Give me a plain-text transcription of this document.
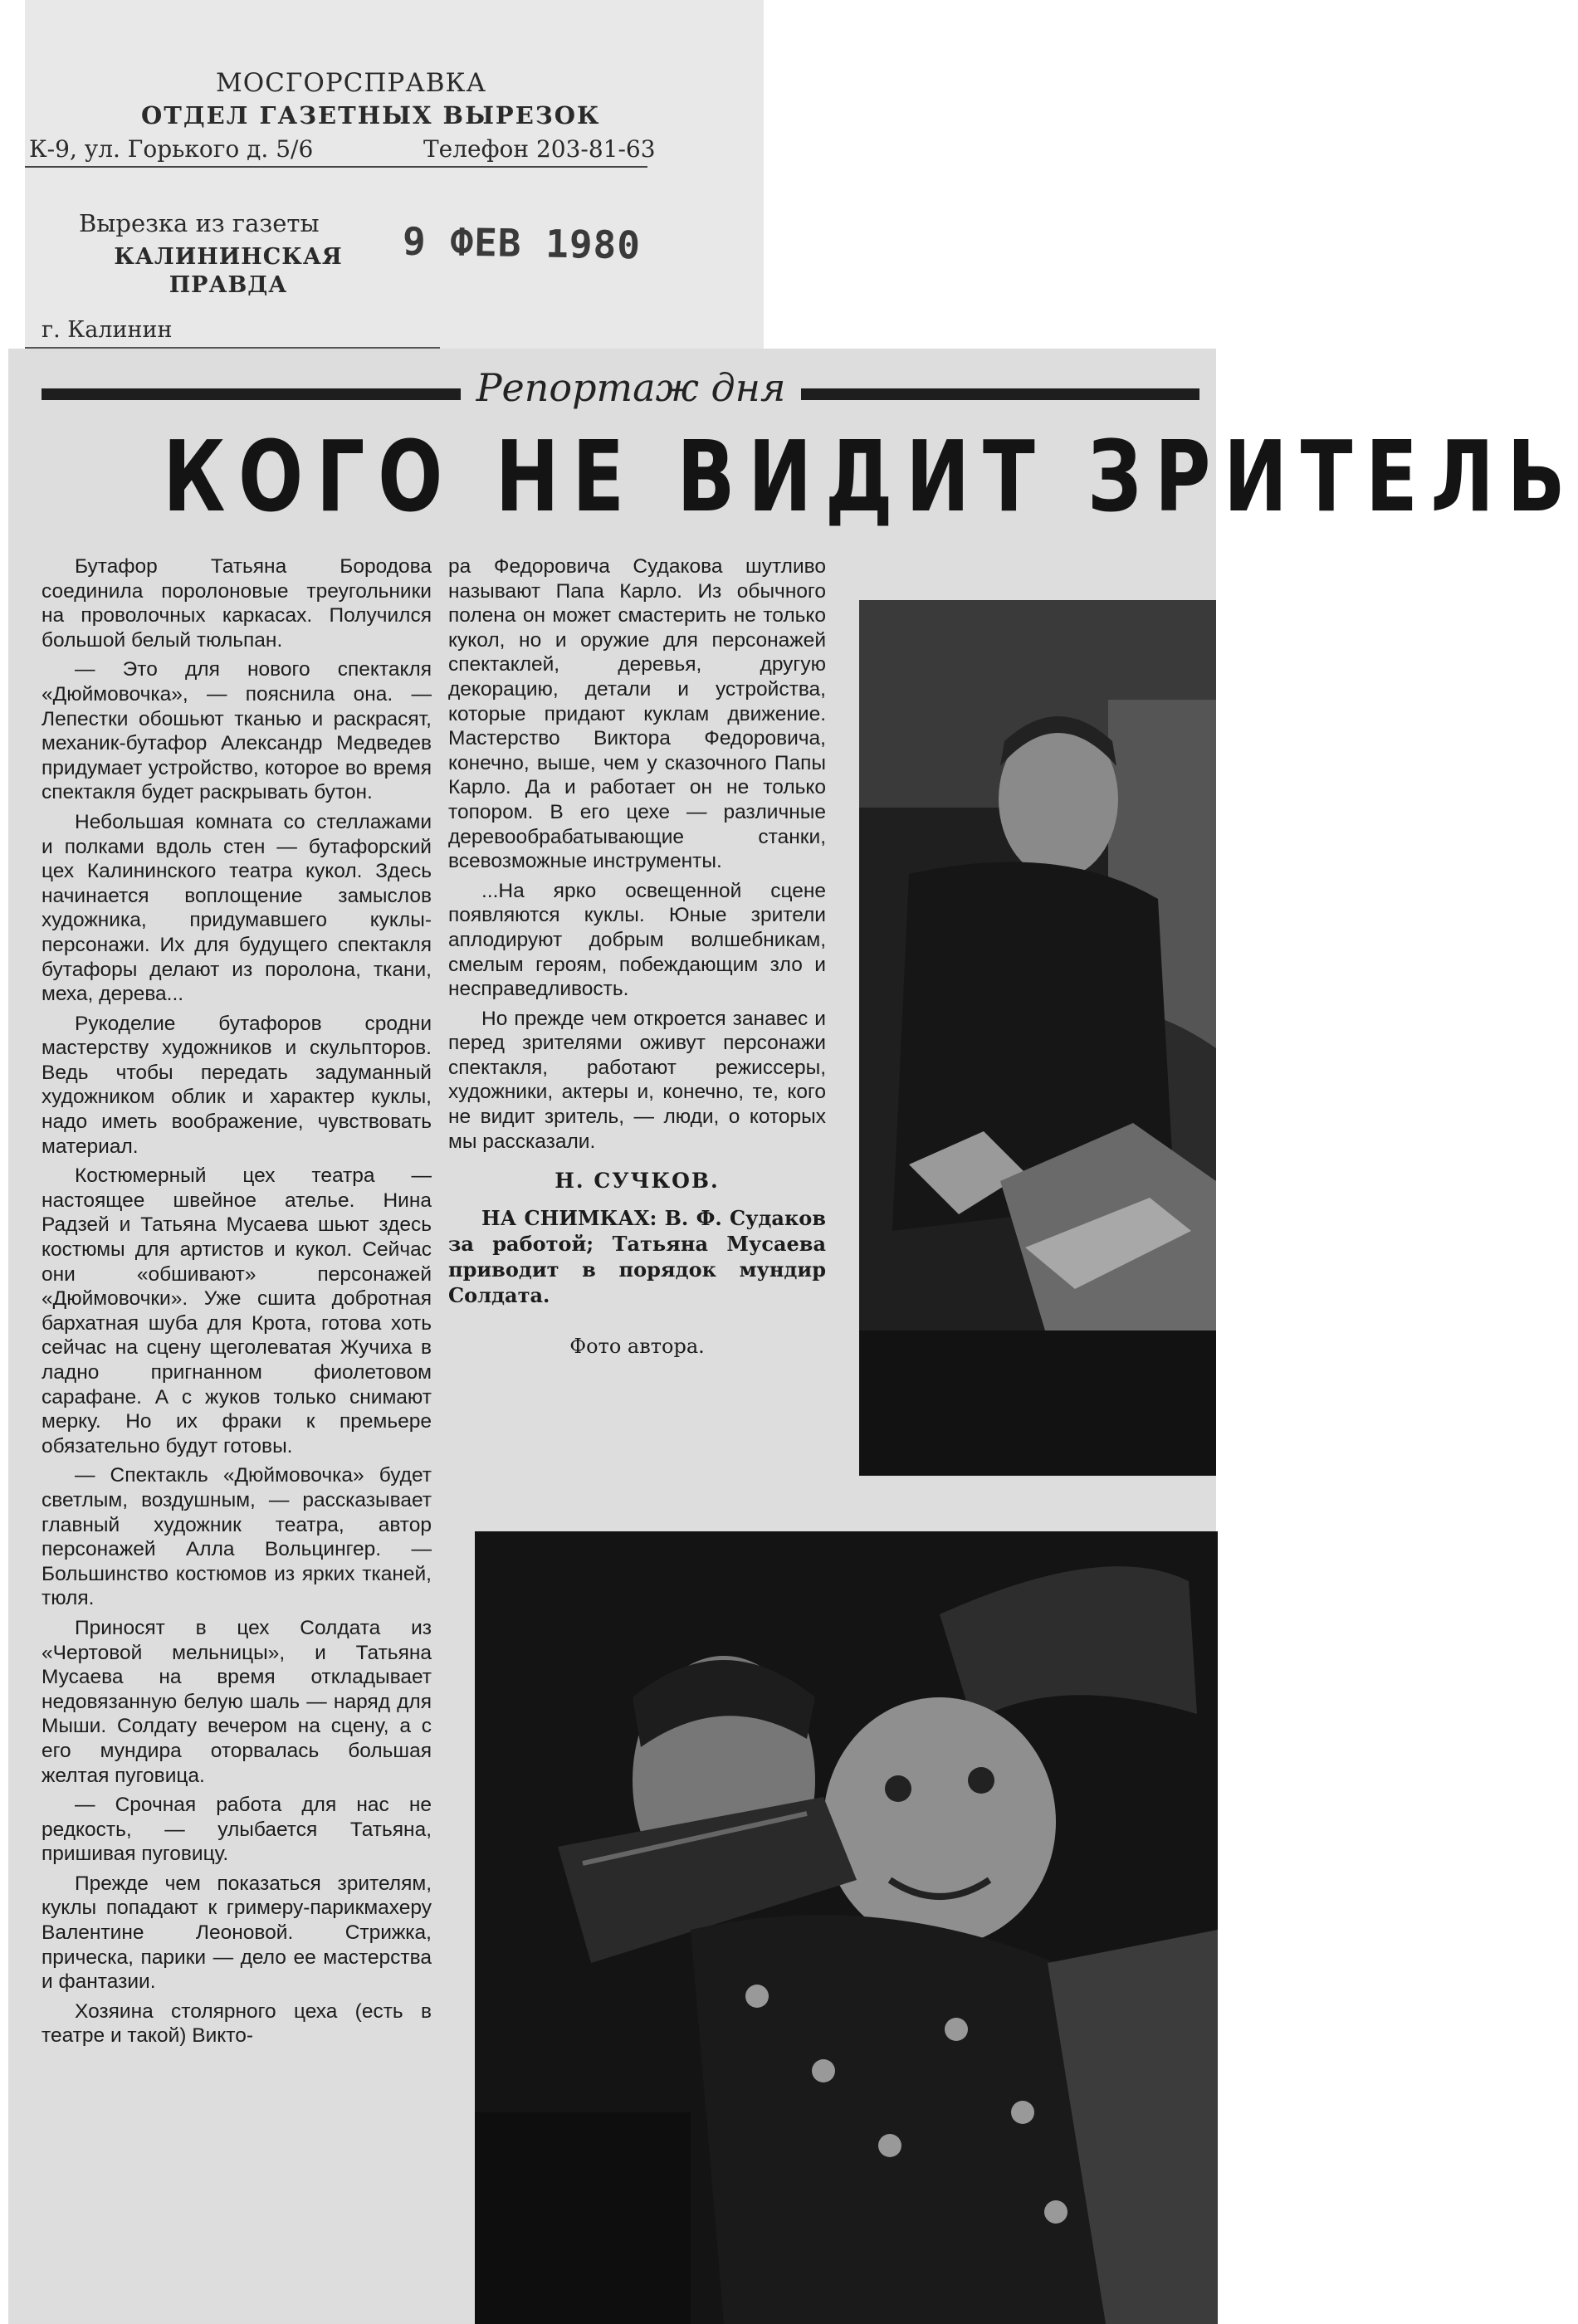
МОСГОРСПРАВКА
ОТДЕЛ ГАЗЕТНЫХ ВЫРЕЗОК
К-9, ул. Горького д. 5/6	Телефон 203-81-63
Вырезка из газеты
КАЛИНИНСКАЯ ПРАВДА
г. Калинин
9 ФЕВ 1980
Репортаж дня
КОГО НЕ ВИДИТ ЗРИТЕЛЬ

Бутафор Татьяна Бородова соединила поролоновые треугольники на проволочных каркасах. Получился большой белый тюльпан.

— Это для нового спектакля «Дюймовочка», — пояснила она. — Лепестки обошьют тканью и раскрасят, механик-бутафор Александр Медведев придумает устройство, которое во время спектакля будет раскрывать бутон.

Небольшая комната со стеллажами и полками вдоль стен — бутафорский цех Калининского театра кукол. Здесь начинается воплощение замыслов художника, придумавшего куклы-персонажи. Их для будущего спектакля бутафоры делают из поролона, ткани, меха, дерева...

Рукоделие бутафоров сродни мастерству художников и скульпторов. Ведь чтобы передать задуманный художником облик и характер куклы, надо иметь воображение, чувствовать материал.

Костюмерный цех театра — настоящее швейное ателье. Нина Радзей и Татьяна Мусаева шьют здесь костюмы для артистов и кукол. Сейчас они «обшивают» персонажей «Дюймовочки». Уже сшита добротная бархатная шуба для Крота, готова хоть сейчас на сцену щеголеватая Жучиха в ладно пригнанном фиолетовом сарафане. А с жуков только снимают мерку. Но их фраки к премьере обязательно будут готовы.

— Спектакль «Дюймовочка» будет светлым, воздушным, — рассказывает главный художник театра, автор персонажей Алла Вольцингер. — Большинство костюмов из ярких тканей, тюля.

Приносят в цех Солдата из «Чертовой мельницы», и Татьяна Мусаева на время откладывает недовязанную белую шаль — наряд для Мыши. Солдату вечером на сцену, а с его мундира оторвалась большая желтая пуговица.

— Срочная работа для нас не редкость, — улыбается Татьяна, пришивая пуговицу.

Прежде чем показаться зрителям, куклы попадают к гримеру-парикмахеру Валентине Леоновой. Стрижка, прическа, парики — дело ее мастерства и фантазии.

Хозяина столярного цеха (есть в театре и такой) Викто-

ра Федоровича Судакова шутливо называют Папа Карло. Из обычного полена он может смастерить не только кукол, но и оружие для персонажей спектаклей, деревья, другую декорацию, детали и устройства, которые придают куклам движение. Мастерство Виктора Федоровича, конечно, выше, чем у сказочного Папы Карло. Да и работает он не только топором. В его цехе — различные деревообрабатывающие станки, всевозможные инструменты.

...На ярко освещенной сцене появляются куклы. Юные зрители аплодируют добрым волшебникам, смелым героям, побеждающим зло и несправедливость.

Но прежде чем откроется занавес и перед зрителями оживут персонажи спектакля, работают режиссеры, художники, актеры и, конечно, те, кого не видит зритель, — люди, о которых мы рассказали.

Н. СУЧКОВ.

НА СНИМКАХ: В. Ф. Судаков за работой; Татьяна Мусаева приводит в порядок мундир Солдата.

Фото автора.
